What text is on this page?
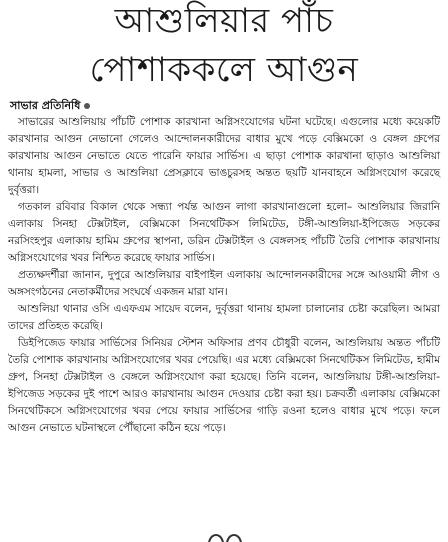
আশুলিয়ার পাঁচ
পোশাককলে আগুন
সাভার প্রতিনিধি

সাভারের আশুলিয়ায় পাঁচটি পোশাক কারখানা অগ্নিসংযোগের ঘটনা ঘটেছে। এগুলোর মধ্যে কয়েকটি কারখানার আগুন নেভানো গেলেও আন্দোলনকারীদের বাধার মুখে পড়ে বেক্সিমকো ও বেঙ্গল গ্রুপের কারখানায় আগুন নেভাতে যেতে পারেনি ফায়ার সার্ভিস। এ ছাড়া পোশাক কারখানা ছাড়াও আশুলিয়া থানায় হামলা, সাভার ও আশুলিয়া প্রেসক্লাবে ভাঙচুরসহ অন্তত ছয়টি যানবাহনে অগ্নিসংযোগ করেছে দুর্বৃত্তরা।

গতকাল রবিবার বিকাল থেকে সন্ধ্যা পর্যন্ত আগুন লাগা কারখানাগুলো হলো– আশুলিয়ার জিরানি এলাকায় সিনহা টেক্সটাইল, বেক্সিমকো সিনথেটিকস লিমিটেড, টঙ্গী-আশুলিয়া-ইপিজেড সড়কের নরসিংহপুর এলাকায় হামিম গ্রুপের স্থাপনা, ডরিন টেক্সটাইল ও বেঙ্গলসহ পাঁচটি তৈরি পোশাক কারখানায় অগ্নিসংযোগের খবর নিশ্চিত করেছে ফায়ার সার্ভিস।

প্রত্যক্ষদর্শীরা জানান, দুপুরে আশুলিয়ার বাইপাইল এলাকায় আন্দোলনকারীদের সঙ্গে আওয়ামী লীগ ও অঙ্গসংগঠনের নেতাকর্মীদের সংঘর্ষে একজন মারা যান।

আশুলিয়া থানার ওসি এএফএম সায়েদ বলেন, দুর্বৃত্তরা থানায় হামলা চালানোর চেষ্টা করেছিল। আমরা তাদের প্রতিহত করেছি।

ডিইপিজেড ফায়ার সার্ভিসের সিনিয়র স্টেশন অফিসার প্রণব চৌধুরী বলেন, আশুলিয়ায় অন্তত পাঁচটি তৈরি পোশাক কারখানায় অগ্নিসংযোগের খবর পেয়েছি। এর মধ্যে বেক্সিমকো সিনথেটিকস লিমিটেড, হামীম গ্রুপ, সিনহা টেক্সটাইল ও বেঙ্গলে অগ্নিসংযোগ করা হয়েছে। তিনি বলেন, আশুলিয়ায় টঙ্গী-আশুলিয়া-ইপিজেড সড়কের দুই পাশে আরও কারখানায় আগুন দেওয়ার চেষ্টা করা হয়। চক্রবর্তী এলাকায় বেক্সিমকো সিনথেটিকসে অগ্নিসংযোগের খবর পেয়ে ফায়ার সার্ভিসের গাড়ি রওনা হলেও বাধার মুখে পড়ে। ফলে আগুন নেভাতে ঘটনাস্থলে পৌঁছানো কঠিন হয়ে পড়ে।
